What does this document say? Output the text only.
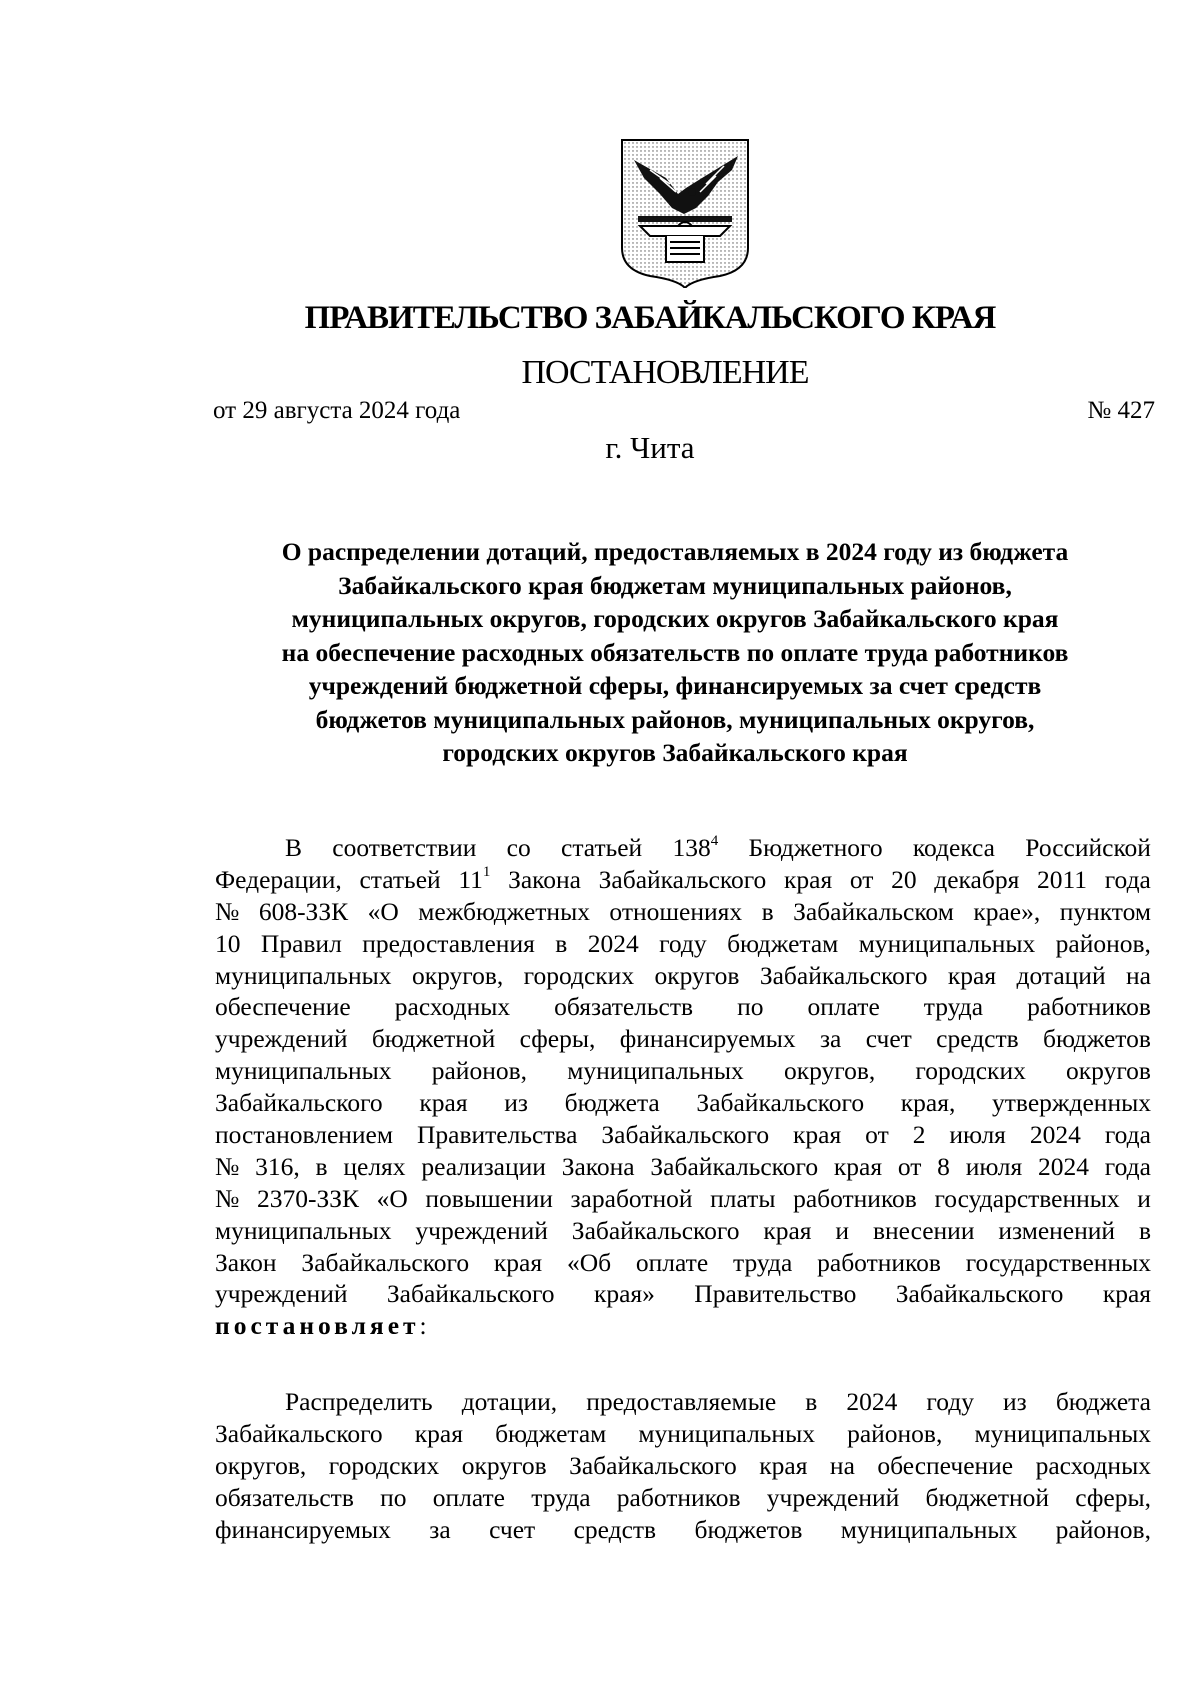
ПРАВИТЕЛЬСТВО ЗАБАЙКАЛЬСКОГО КРАЯ
ПОСТАНОВЛЕНИЕ
от 29 августа 2024 года	№ 427
г. Чита
О распределении дотаций, предоставляемых в 2024 году из бюджета
Забайкальского края бюджетам муниципальных районов,
муниципальных округов, городских округов Забайкальского края
на обеспечение расходных обязательств по оплате труда работников
учреждений бюджетной сферы, финансируемых за счет средств
бюджетов муниципальных районов, муниципальных округов,
городских округов Забайкальского края
В соответствии со статьей $138^4$ Бюджетного кодекса Российской
Федерации, статьей $11^1$ Закона Забайкальского края от 20 декабря 2011 года
№ 608-ЗЗК «О межбюджетных отношениях в Забайкальском крае», пунктом
10 Правил предоставления в 2024 году бюджетам муниципальных районов,
муниципальных округов, городских округов Забайкальского края дотаций на
обеспечение расходных обязательств по оплате труда работников
учреждений бюджетной сферы, финансируемых за счет средств бюджетов
муниципальных районов, муниципальных округов, городских округов
Забайкальского края из бюджета Забайкальского края, утвержденных
постановлением Правительства Забайкальского края от 2 июля 2024 года
№ 316, в целях реализации Закона Забайкальского края от 8 июля 2024 года
№ 2370-ЗЗК «О повышении заработной платы работников государственных и
муниципальных учреждений Забайкальского края и внесении изменений в
Закон Забайкальского края «Об оплате труда работников государственных
учреждений Забайкальского края» Правительство Забайкальского края
постановляет :
Распределить дотации, предоставляемые в 2024 году из бюджета
Забайкальского края бюджетам муниципальных районов, муниципальных
округов, городских округов Забайкальского края на обеспечение расходных
обязательств по оплате труда работников учреждений бюджетной сферы,
финансируемых за счет средств бюджетов муниципальных районов,
